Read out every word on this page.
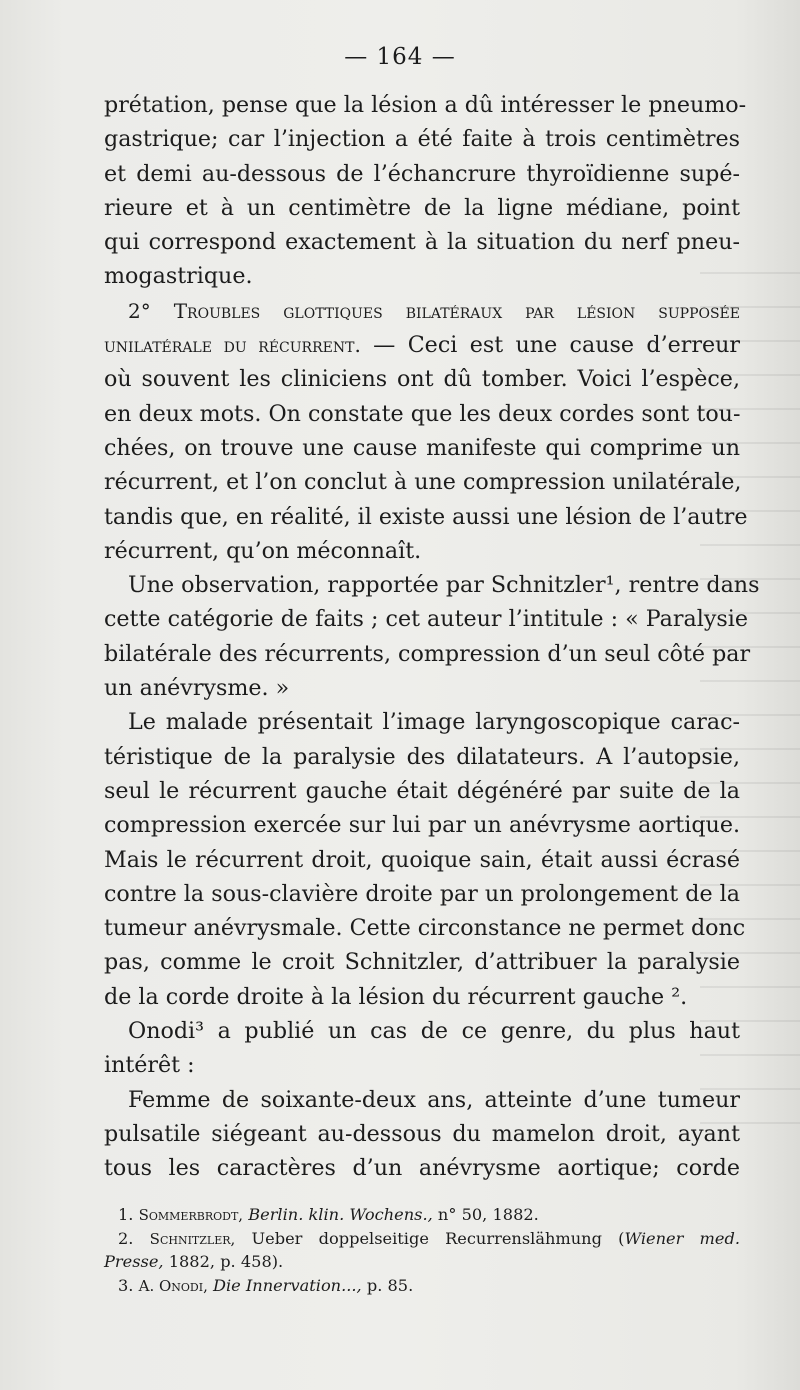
— 164 —
prétation, pense que la lésion a dû intéresser le pneumo-
gastrique; car l’injection a été faite à trois centimètres
et demi au-dessous de l’échancrure thyroïdienne supé-
rieure et à un centimètre de la ligne médiane, point
qui correspond exactement à la situation du nerf pneu-
mogastrique.
2° Troubles glottiques bilatéraux par lésion supposée
unilatérale du récurrent. — Ceci est une cause d’erreur
où souvent les cliniciens ont dû tomber. Voici l’espèce,
en deux mots. On constate que les deux cordes sont tou-
chées, on trouve une cause manifeste qui comprime un
récurrent, et l’on conclut à une compression unilatérale,
tandis que, en réalité, il existe aussi une lésion de l’autre
récurrent, qu’on méconnaît.
Une observation, rapportée par Schnitzler¹, rentre dans
cette catégorie de faits ; cet auteur l’intitule : « Paralysie
bilatérale des récurrents, compression d’un seul côté par
un anévrysme. »
Le malade présentait l’image laryngoscopique carac-
téristique de la paralysie des dilatateurs. A l’autopsie,
seul le récurrent gauche était dégénéré par suite de la
compression exercée sur lui par un anévrysme aortique.
Mais le récurrent droit, quoique sain, était aussi écrasé
contre la sous-clavière droite par un prolongement de la
tumeur anévrysmale. Cette circonstance ne permet donc
pas, comme le croit Schnitzler, d’attribuer la paralysie
de la corde droite à la lésion du récurrent gauche ².
Onodi³ a publié un cas de ce genre, du plus haut
intérêt :
Femme de soixante-deux ans, atteinte d’une tumeur
pulsatile siégeant au-dessous du mamelon droit, ayant
tous les caractères d’un anévrysme aortique; corde
1. Sommerbrodt, Berlin. klin. Wochens., n° 50, 1882.
2. Schnitzler, Ueber doppelseitige Recurrenslähmung (Wiener med.
Presse, 1882, p. 458).
3. A. Onodi, Die Innervation..., p. 85.
